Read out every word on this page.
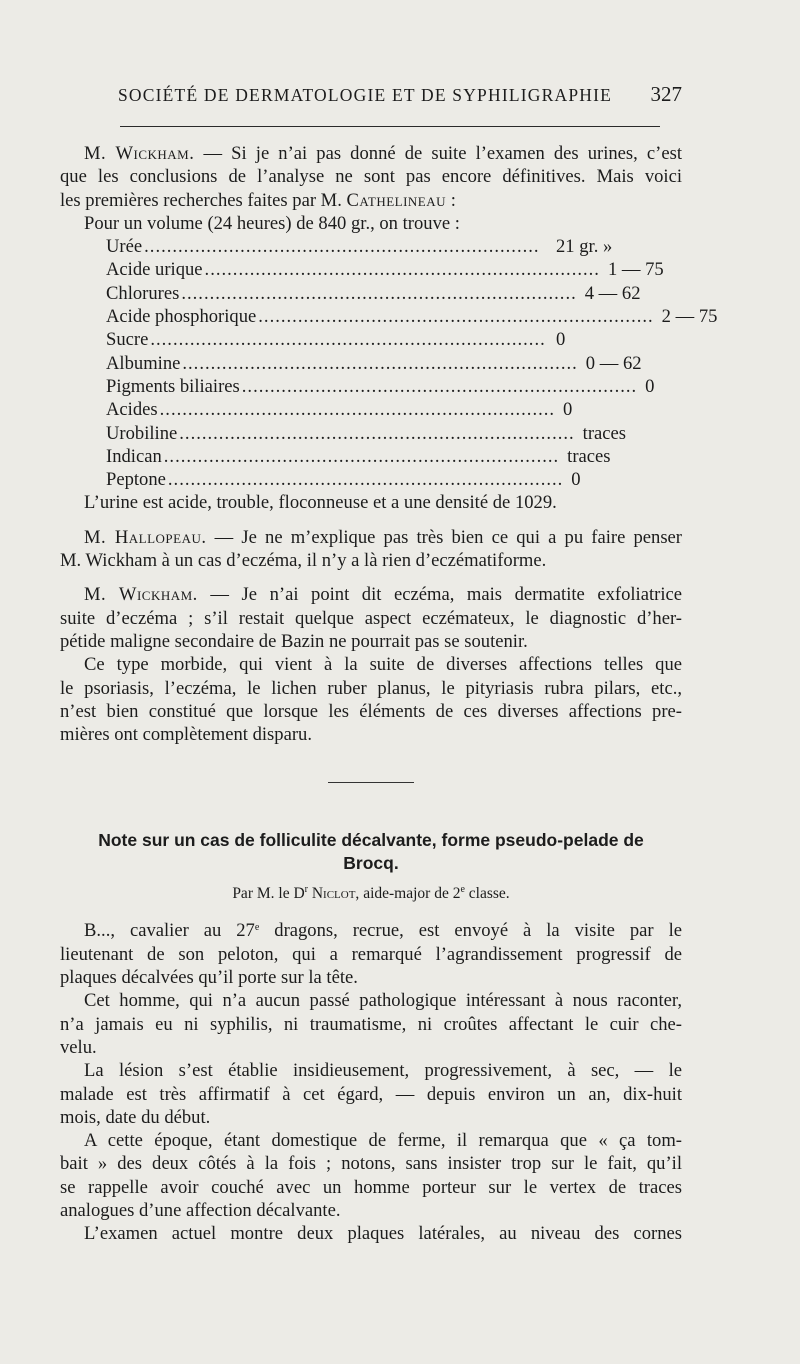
SOCIÉTÉ DE DERMATOLOGIE ET DE SYPHILIGRAPHIE 327
M. Wickham. — Si je n’ai pas donné de suite l’examen des urines, c’est
que les conclusions de l’analyse ne sont pas encore définitives. Mais voici
les premières recherches faites par M. Cathelineau :
Pour un volume (24 heures) de 840 gr., on trouve :
Urée ...................................................................... 21 gr. »
Acide urique ...................................................................... 1 — 75
Chlorures ...................................................................... 4 — 62
Acide phosphorique ...................................................................... 2 — 75
Sucre ...................................................................... 0
Albumine ...................................................................... 0 — 62
Pigments biliaires ...................................................................... 0
Acides ...................................................................... 0
Urobiline ...................................................................... traces
Indican ...................................................................... traces
Peptone ...................................................................... 0
L’urine est acide, trouble, floconneuse et a une densité de 1029.
M. Hallopeau. — Je ne m’explique pas très bien ce qui a pu faire penser
M. Wickham à un cas d’eczéma, il n’y a là rien d’eczématiforme.
M. Wickham. — Je n’ai point dit eczéma, mais dermatite exfoliatrice
suite d’eczéma ; s’il restait quelque aspect eczémateux, le diagnostic d’her-
pétide maligne secondaire de Bazin ne pourrait pas se soutenir.
Ce type morbide, qui vient à la suite de diverses affections telles que
le psoriasis, l’eczéma, le lichen ruber planus, le pityriasis rubra pilars, etc.,
n’est bien constitué que lorsque les éléments de ces diverses affections pre-
mières ont complètement disparu.
Note sur un cas de folliculite décalvante, forme pseudo-pelade de
Brocq.
Par M. le $D^r$ Niclot, aide-major de 2e classe.
B..., cavalier au 27e dragons, recrue, est envoyé à la visite par le
lieutenant de son peloton, qui a remarqué l’agrandissement progressif de
plaques décalvées qu’il porte sur la tête.
Cet homme, qui n’a aucun passé pathologique intéressant à nous raconter,
n’a jamais eu ni syphilis, ni traumatisme, ni croûtes affectant le cuir che-
velu.
La lésion s’est établie insidieusement, progressivement, à sec, — le
malade est très affirmatif à cet égard, — depuis environ un an, dix-huit
mois, date du début.
A cette époque, étant domestique de ferme, il remarqua que « ça tom-
bait » des deux côtés à la fois ; notons, sans insister trop sur le fait, qu’il
se rappelle avoir couché avec un homme porteur sur le vertex de traces
analogues d’une affection décalvante.
L’examen actuel montre deux plaques latérales, au niveau des cornes
